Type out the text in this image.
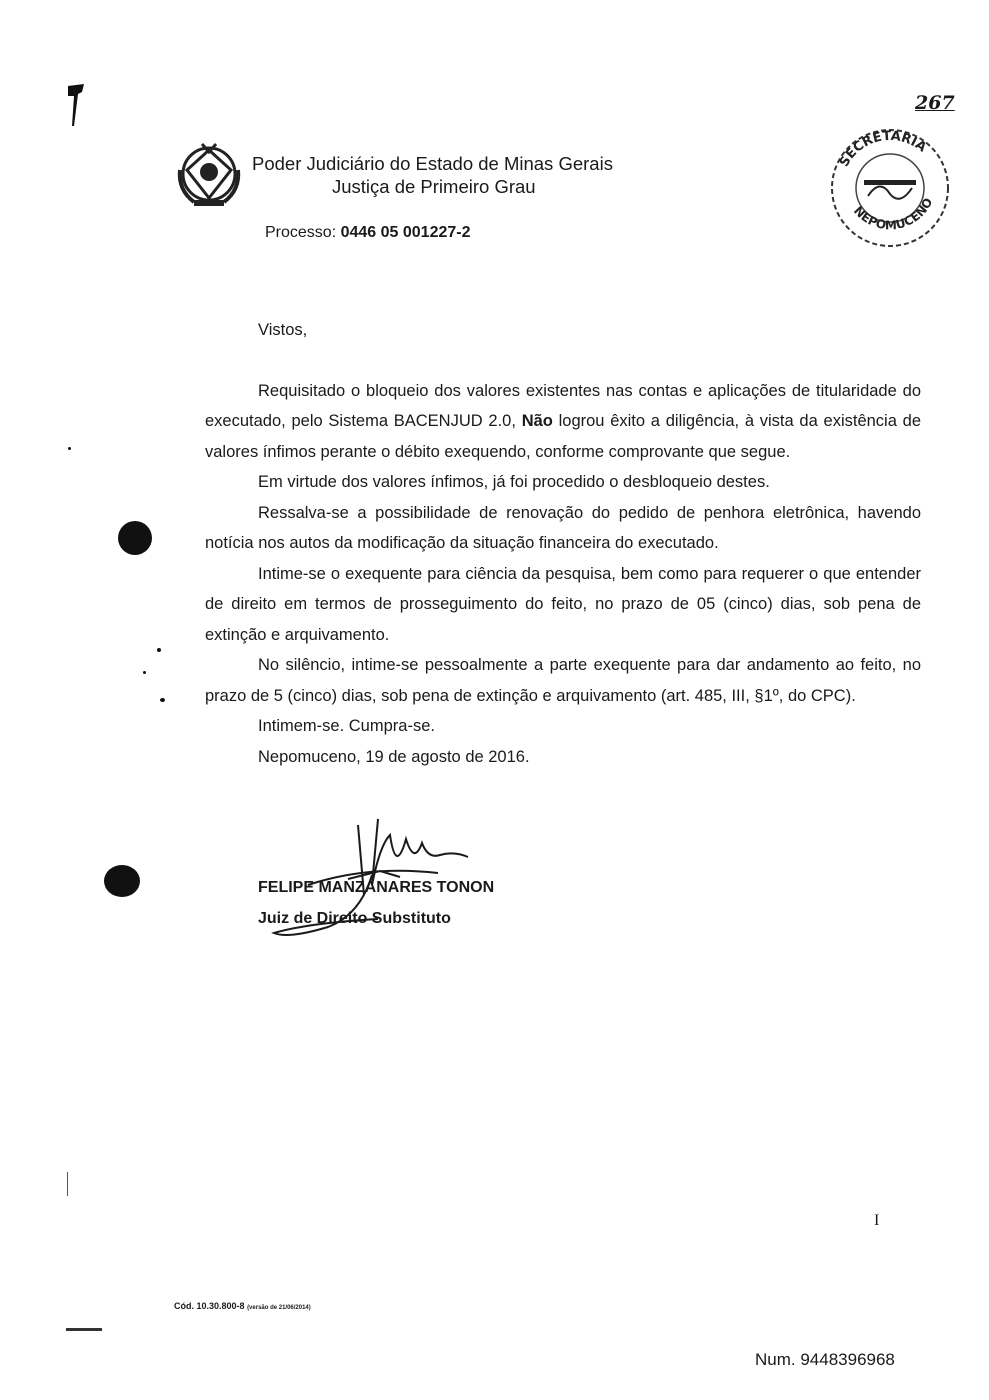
Poder Judiciário do Estado de Minas Gerais
Justiça de Primeiro Grau
Processo: 0446 05 001227-2
267
SECRETARIA
NEPOMUCENO

Vistos,

Requisitado o bloqueio dos valores existentes nas contas e aplicações de titularidade do executado, pelo Sistema BACENJUD 2.0, Não logrou êxito a diligência, à vista da existência de valores ínfimos perante o débito exequendo, conforme comprovante que segue.

Em virtude dos valores ínfimos, já foi procedido o desbloqueio destes.

Ressalva-se a possibilidade de renovação do pedido de penhora eletrônica, havendo notícia nos autos da modificação da situação financeira do executado.

Intime-se o exequente para ciência da pesquisa, bem como para requerer o que entender de direito em termos de prosseguimento do feito, no prazo de 05 (cinco) dias, sob pena de extinção e arquivamento.

No silêncio, intime-se pessoalmente a parte exequente para dar andamento ao feito, no prazo de 5 (cinco) dias, sob pena de extinção e arquivamento (art. 485, III, §1º, do CPC).

Intimem-se. Cumpra-se.

Nepomuceno, 19 de agosto de 2016.

FELIPE MANZANARES TONON
Juiz de Direito Substituto
I
Cód. 10.30.800-8 (versão de 21/06/2014)
Num. 9448396968
